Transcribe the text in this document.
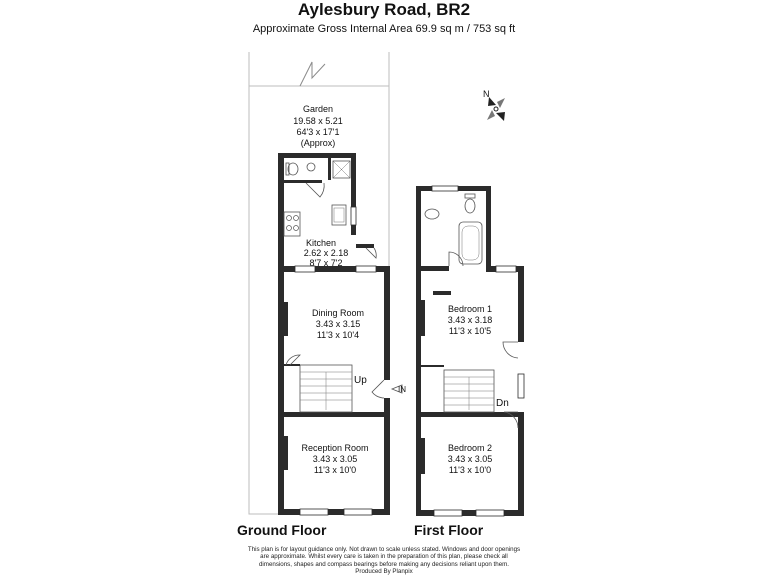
Aylesbury Road, BR2
Approximate Gross Internal Area 69.9 sq m / 753 sq ft
Garden
19.58 x 5.21
64'3 x 17'1
(Approx)
N
IN
Up
Kitchen
2.62 x 2.18
8'7 x 7'2
Dining Room
3.43 x 3.15
11'3 x 10'4
Reception Room
3.43 x 3.05
11'3 x 10'0
Dn
Bedroom 1
3.43 x 3.18
11'3 x 10'5
Bedroom 2
3.43 x 3.05
11'3 x 10'0
Ground Floor	First Floor
This plan is for layout guidance only. Not drawn to scale unless stated. Windows and door openings
are approximate. Whilst every care is taken in the preparation of this plan, please check all
dimensions, shapes and compass bearings before making any decisions reliant upon them.
Produced By Planpix
